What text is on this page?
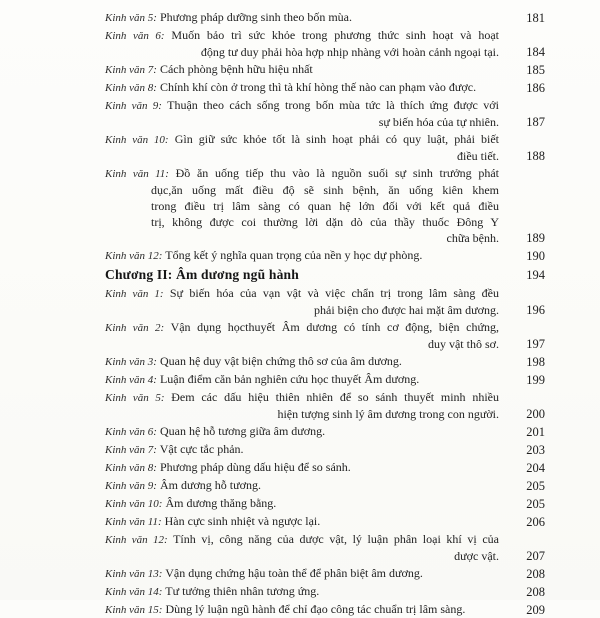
Kinh văn 5: Phương pháp dưỡng sinh theo bốn mùa.	181
Kinh văn 6: Muốn bảo trì sức khỏe trong phương thức sinh hoạt và hoạt
động tư duy phải hòa hợp nhịp nhàng với hoàn cảnh ngoại tại.	184
Kinh văn 7: Cách phòng bệnh hữu hiệu nhất	185
Kinh văn 8: Chính khí còn ở trong thì tà khí hòng thế nào can phạm vào được.	186
Kinh văn 9: Thuận theo cách sống trong bốn mùa tức là thích ứng được với
sự biến hóa của tự nhiên.	187
Kinh văn 10: Gìn giữ sức khỏe tốt là sinh hoạt phải có quy luật, phải biết
điều tiết.	188
Kinh văn 11: Đồ ăn uống tiếp thu vào là nguồn suối sự sinh trưởng phát
dục,ăn uống mất điều độ sẽ sinh bệnh, ăn uống kiên khem
trong điều trị lâm sàng có quan hệ lớn đối với kết quả điều
trị, không được coi thường lời dặn dò của thầy thuốc Đông Y
chữa bệnh.	189
Kinh văn 12: Tổng kết ý nghĩa quan trọng của nền y học dự phòng.	190
Chương II: Âm dương ngũ hành	194
Kinh văn 1: Sự biến hóa của vạn vật và việc chẩn trị trong lâm sàng đều
phải biện cho được hai mặt âm dương.	196
Kinh văn 2: Vận dụng họcthuyết Âm dương có tính cơ động, biện chứng,
duy vật thô sơ.	197
Kinh văn 3: Quan hệ duy vật biện chứng thô sơ của âm dương.	198
Kinh văn 4: Luận điểm căn bản nghiên cứu học thuyết Âm dương.	199
Kinh văn 5: Đem các dấu hiệu thiên nhiên để so sánh thuyết minh nhiều
hiện tượng sinh lý âm dương trong con người.	200
Kinh văn 6: Quan hệ hỗ tương giữa âm dương.	201
Kinh văn 7: Vật cực tắc phản.	203
Kinh văn 8: Phương pháp dùng dấu hiệu để so sánh.	204
Kinh văn 9: Âm dương hỗ tương.	205
Kinh văn 10: Âm dương thăng bằng.	205
Kinh văn 11: Hàn cực sinh nhiệt và ngược lại.	206
Kinh văn 12: Tính vị, công năng của dược vật, lý luận phân loại khí vị của
dược vật.	207
Kinh văn 13: Vận dụng chứng hậu toàn thể để phân biệt âm dương.	208
Kinh văn 14: Tư tưởng thiên nhân tương ứng.	208
Kinh văn 15: Dùng lý luận ngũ hành để chỉ đạo công tác chuẩn trị lâm sàng.	209
